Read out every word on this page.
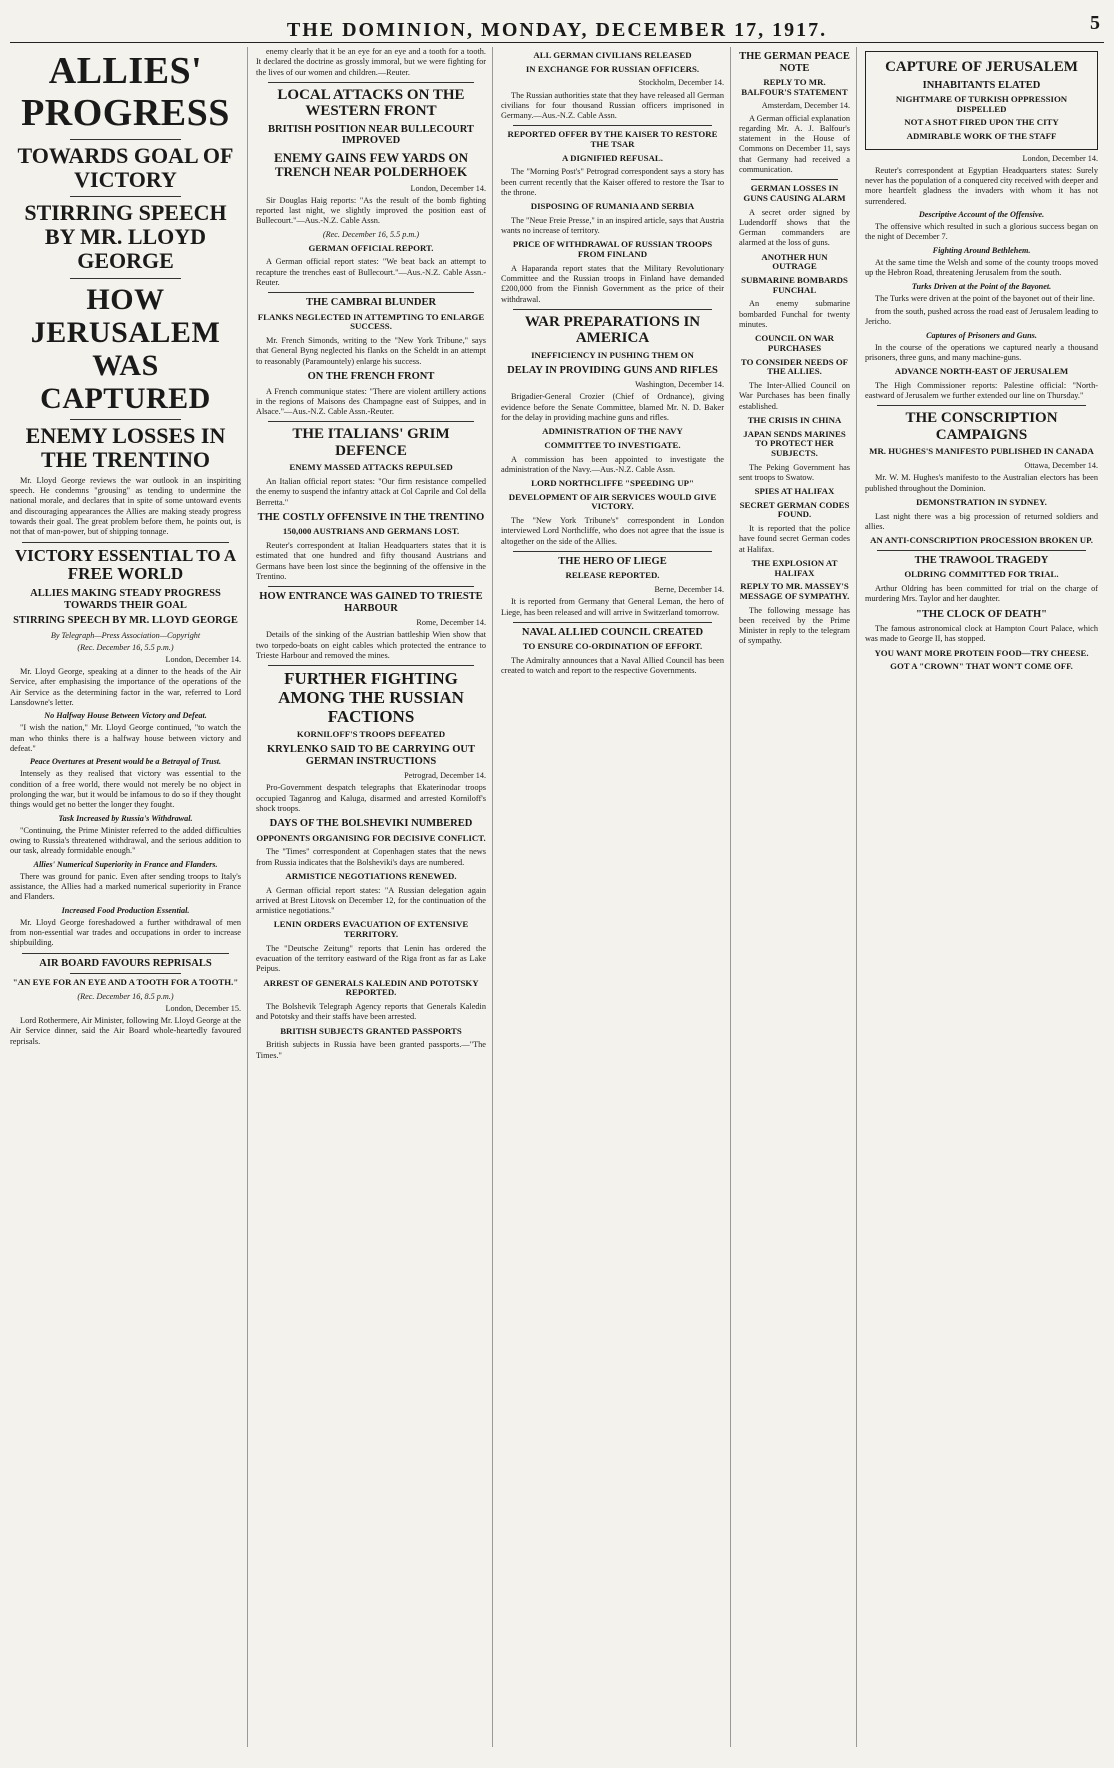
THE DOMINION, MONDAY, DECEMBER 17, 1917.	5
ALLIES' PROGRESS
TOWARDS GOAL OF VICTORY
STIRRING SPEECH BY MR. LLOYD GEORGE
HOW JERUSALEM WAS CAPTURED
ENEMY LOSSES IN THE TRENTINO

Mr. Lloyd George reviews the war outlook in an inspiriting speech. He condemns "grousing" as tending to undermine the national morale, and declares that in spite of some untoward events and discouraging appearances the Allies are making steady progress towards their goal. The great problem before them, he points out, is not that of man-power, but of shipping tonnage.

VICTORY ESSENTIAL TO A FREE WORLD
ALLIES MAKING STEADY PROGRESS TOWARDS THEIR GOAL
STIRRING SPEECH BY MR. LLOYD GEORGE
By Telegraph—Press Association—Copyright
(Rec. December 16, 5.5 p.m.)
London, December 14.

Mr. Lloyd George, speaking at a dinner to the heads of the Air Service, after emphasising the importance of the operations of the Air Service as the determining factor in the war, referred to Lord Lansdowne's letter.

No Halfway House Between Victory and Defeat.

"I wish the nation," Mr. Lloyd George continued, "to watch the man who thinks there is a halfway house between victory and defeat."

Peace Overtures at Present would be a Betrayal of Trust.

Intensely as they realised that victory was essential to the condition of a free world, there would not merely be no object in prolonging the war, but it would be infamous to do so if they thought things would get no better the longer they fought.

Task Increased by Russia's Withdrawal.

"Continuing, the Prime Minister referred to the added difficulties owing to Russia's threatened withdrawal, and the serious addition to our task, already formidable enough."

Allies' Numerical Superiority in France and Flanders.

There was ground for panic. Even after sending troops to Italy's assistance, the Allies had a marked numerical superiority in France and Flanders.

Increased Food Production Essential.

Mr. Lloyd George foreshadowed a further withdrawal of men from non-essential war trades and occupations in order to increase shipbuilding.

AIR BOARD FAVOURS REPRISALS
"AN EYE FOR AN EYE AND A TOOTH FOR A TOOTH."
(Rec. December 16, 8.5 p.m.)
London, December 15.

Lord Rothermere, Air Minister, following Mr. Lloyd George at the Air Service dinner, said the Air Board whole-heartedly favoured reprisals.

enemy clearly that it be an eye for an eye and a tooth for a tooth. It declared the doctrine as grossly immoral, but we were fighting for the lives of our women and children.—Reuter.

LOCAL ATTACKS ON THE WESTERN FRONT
BRITISH POSITION NEAR BULLECOURT IMPROVED
ENEMY GAINS FEW YARDS ON TRENCH NEAR POLDERHOEK
London, December 14.

Sir Douglas Haig reports: "As the result of the bomb fighting reported last night, we slightly improved the position east of Bullecourt."—Aus.-N.Z. Cable Assn.

(Rec. December 16, 5.5 p.m.)
GERMAN OFFICIAL REPORT.

A German official report states: "We beat back an attempt to recapture the trenches east of Bullecourt."—Aus.-N.Z. Cable Assn.-Reuter.

THE CAMBRAI BLUNDER
FLANKS NEGLECTED IN ATTEMPTING TO ENLARGE SUCCESS.

Mr. French Simonds, writing to the "New York Tribune," says that General Byng neglected his flanks on the Scheldt in an attempt to reasonably (Paramountely) enlarge his success.

ON THE FRENCH FRONT

A French communique states: "There are violent artillery actions in the regions of Maisons des Champagne east of Suippes, and in Alsace."—Aus.-N.Z. Cable Assn.-Reuter.

THE ITALIANS' GRIM DEFENCE
ENEMY MASSED ATTACKS REPULSED

An Italian official report states: "Our firm resistance compelled the enemy to suspend the infantry attack at Col Caprile and Col della Berretta."

THE COSTLY OFFENSIVE IN THE TRENTINO
150,000 AUSTRIANS AND GERMANS LOST.

Reuter's correspondent at Italian Headquarters states that it is estimated that one hundred and fifty thousand Austrians and Germans have been lost since the beginning of the offensive in the Trentino.

HOW ENTRANCE WAS GAINED TO TRIESTE HARBOUR
Rome, December 14.

Details of the sinking of the Austrian battleship Wien show that two torpedo-boats on eight cables which protected the entrance to Trieste Harbour and removed the mines.

FURTHER FIGHTING AMONG THE RUSSIAN FACTIONS
KORNILOFF'S TROOPS DEFEATED
KRYLENKO SAID TO BE CARRYING OUT GERMAN INSTRUCTIONS
Petrograd, December 14.

Pro-Government despatch telegraphs that Ekaterinodar troops occupied Taganrog and Kaluga, disarmed and arrested Korniloff's shock troops.

DAYS OF THE BOLSHEVIKI NUMBERED
OPPONENTS ORGANISING FOR DECISIVE CONFLICT.

The "Times" correspondent at Copenhagen states that the news from Russia indicates that the Bolsheviki's days are numbered.

ARMISTICE NEGOTIATIONS RENEWED.

A German official report states: "A Russian delegation again arrived at Brest Litovsk on December 12, for the continuation of the armistice negotiations."

LENIN ORDERS EVACUATION OF EXTENSIVE TERRITORY.

The "Deutsche Zeitung" reports that Lenin has ordered the evacuation of the territory eastward of the Riga front as far as Lake Peipus.

ARREST OF GENERALS KALEDIN AND POTOTSKY REPORTED.

The Bolshevik Telegraph Agency reports that Generals Kaledin and Pototsky and their staffs have been arrested.

BRITISH SUBJECTS GRANTED PASSPORTS

British subjects in Russia have been granted passports.—"The Times."

ALL GERMAN CIVILIANS RELEASED
IN EXCHANGE FOR RUSSIAN OFFICERS.
Stockholm, December 14.

The Russian authorities state that they have released all German civilians for four thousand Russian officers imprisoned in Germany.—Aus.-N.Z. Cable Assn.

REPORTED OFFER BY THE KAISER TO RESTORE THE TSAR
A DIGNIFIED REFUSAL.

The "Morning Post's" Petrograd correspondent says a story has been current recently that the Kaiser offered to restore the Tsar to the throne.

DISPOSING OF RUMANIA AND SERBIA

The "Neue Freie Presse," in an inspired article, says that Austria wants no increase of territory.

PRICE OF WITHDRAWAL OF RUSSIAN TROOPS FROM FINLAND

A Haparanda report states that the Military Revolutionary Committee and the Russian troops in Finland have demanded £200,000 from the Finnish Government as the price of their withdrawal.

WAR PREPARATIONS IN AMERICA
INEFFICIENCY IN PUSHING THEM ON
DELAY IN PROVIDING GUNS AND RIFLES
Washington, December 14.

Brigadier-General Crozier (Chief of Ordnance), giving evidence before the Senate Committee, blamed Mr. N. D. Baker for the delay in providing machine guns and rifles.

ADMINISTRATION OF THE NAVY
COMMITTEE TO INVESTIGATE.

A commission has been appointed to investigate the administration of the Navy.—Aus.-N.Z. Cable Assn.

LORD NORTHCLIFFE "SPEEDING UP"
DEVELOPMENT OF AIR SERVICES WOULD GIVE VICTORY.

The "New York Tribune's" correspondent in London interviewed Lord Northcliffe, who does not agree that the issue is altogether on the side of the Allies.

THE HERO OF LIEGE
RELEASE REPORTED.
Berne, December 14.

It is reported from Germany that General Leman, the hero of Liege, has been released and will arrive in Switzerland tomorrow.

NAVAL ALLIED COUNCIL CREATED
TO ENSURE CO-ORDINATION OF EFFORT.

The Admiralty announces that a Naval Allied Council has been created to watch and report to the respective Governments.

THE GERMAN PEACE NOTE
REPLY TO MR. BALFOUR'S STATEMENT
Amsterdam, December 14.

A German official explanation regarding Mr. A. J. Balfour's statement in the House of Commons on December 11, says that Germany had received a communication.

GERMAN LOSSES IN GUNS CAUSING ALARM

A secret order signed by Ludendorff shows that the German commanders are alarmed at the loss of guns.

ANOTHER HUN OUTRAGE
SUBMARINE BOMBARDS FUNCHAL

An enemy submarine bombarded Funchal for twenty minutes.

COUNCIL ON WAR PURCHASES
TO CONSIDER NEEDS OF THE ALLIES.

The Inter-Allied Council on War Purchases has been finally established.

THE CRISIS IN CHINA
JAPAN SENDS MARINES TO PROTECT HER SUBJECTS.

The Peking Government has sent troops to Swatow.

SPIES AT HALIFAX
SECRET GERMAN CODES FOUND.

It is reported that the police have found secret German codes at Halifax.

THE EXPLOSION AT HALIFAX
REPLY TO MR. MASSEY'S MESSAGE OF SYMPATHY.

The following message has been received by the Prime Minister in reply to the telegram of sympathy.

CAPTURE OF JERUSALEM
INHABITANTS ELATED
NIGHTMARE OF TURKISH OPPRESSION DISPELLED
NOT A SHOT FIRED UPON THE CITY
ADMIRABLE WORK OF THE STAFF
London, December 14.

Reuter's correspondent at Egyptian Headquarters states: Surely never has the population of a conquered city received with deeper and more heartfelt gladness the invaders with whom it has not surrendered.

Descriptive Account of the Offensive.

The offensive which resulted in such a glorious success began on the night of December 7.

Fighting Around Bethlehem.

At the same time the Welsh and some of the county troops moved up the Hebron Road, threatening Jerusalem from the south.

Turks Driven at the Point of the Bayonet.

The Turks were driven at the point of the bayonet out of their line.

from the south, pushed across the road east of Jerusalem leading to Jericho.

Captures of Prisoners and Guns.

In the course of the operations we captured nearly a thousand prisoners, three guns, and many machine-guns.

ADVANCE NORTH-EAST OF JERUSALEM

The High Commissioner reports: Palestine official: "North-eastward of Jerusalem we further extended our line on Thursday."

THE CONSCRIPTION CAMPAIGNS
MR. HUGHES'S MANIFESTO PUBLISHED IN CANADA
Ottawa, December 14.

Mr. W. M. Hughes's manifesto to the Australian electors has been published throughout the Dominion.

DEMONSTRATION IN SYDNEY.

Last night there was a big procession of returned soldiers and allies.

AN ANTI-CONSCRIPTION PROCESSION BROKEN UP.
THE TRAWOOL TRAGEDY
OLDRING COMMITTED FOR TRIAL.

Arthur Oldring has been committed for trial on the charge of murdering Mrs. Taylor and her daughter.

"THE CLOCK OF DEATH"

The famous astronomical clock at Hampton Court Palace, which was made to George II, has stopped.

YOU WANT MORE PROTEIN FOOD—TRY CHEESE.
GOT A "CROWN" THAT WON'T COME OFF.
